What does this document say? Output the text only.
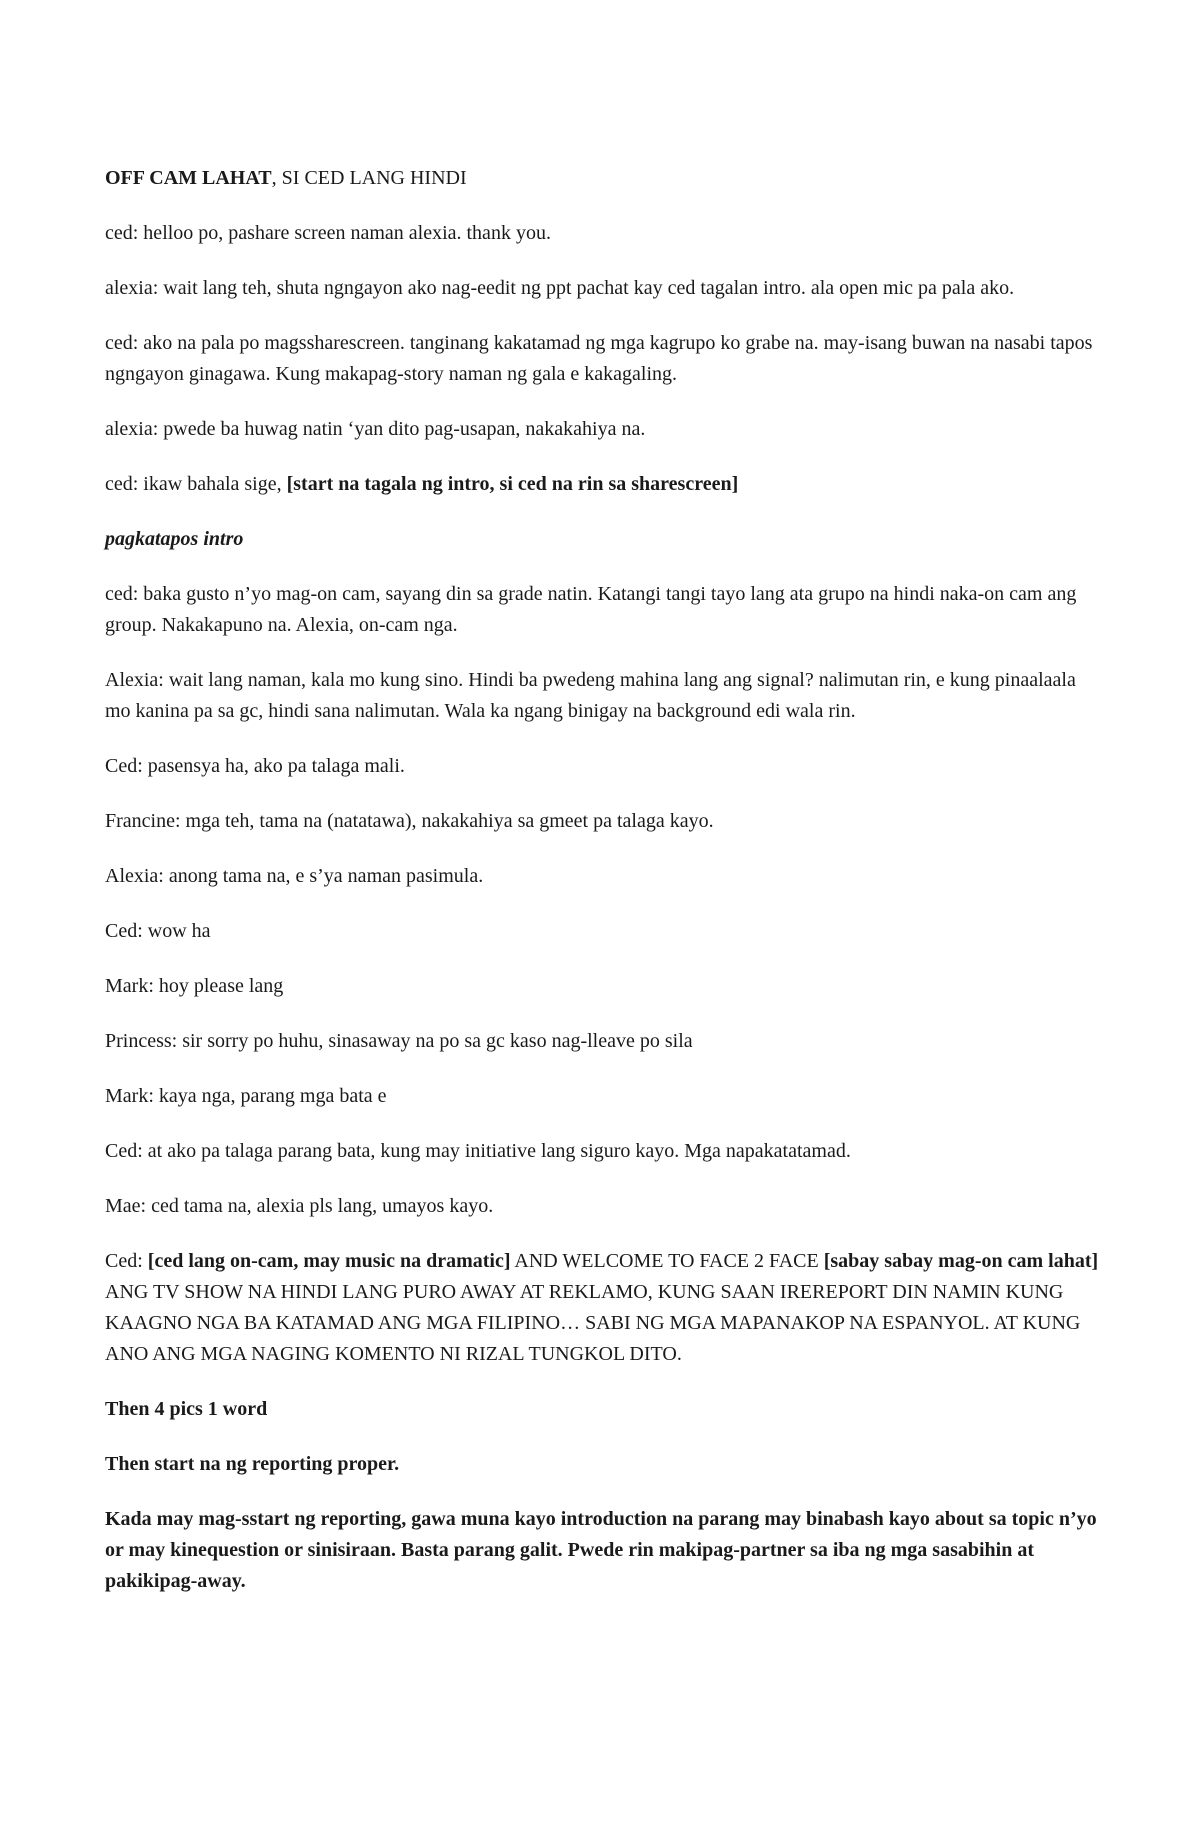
OFF CAM LAHAT, SI CED LANG HINDI

ced: helloo po, pashare screen naman alexia. thank you.

alexia: wait lang teh, shuta ngngayon ako nag-eedit ng ppt pachat kay ced tagalan intro. ala open mic pa pala ako.

ced: ako na pala po magssharescreen. tanginang kakatamad ng mga kagrupo ko grabe na. may-isang buwan na nasabi tapos ngngayon ginagawa. Kung makapag-story naman ng gala e kakagaling.

alexia: pwede ba huwag natin ‘yan dito pag-usapan, nakakahiya na.

ced: ikaw bahala sige, [start na tagala ng intro, si ced na rin sa sharescreen]

pagkatapos intro

ced: baka gusto n’yo mag-on cam, sayang din sa grade natin. Katangi tangi tayo lang ata grupo na hindi naka-on cam ang group. Nakakapuno na. Alexia, on-cam nga.

Alexia: wait lang naman, kala mo kung sino. Hindi ba pwedeng mahina lang ang signal? nalimutan rin, e kung pinaalaala mo kanina pa sa gc, hindi sana nalimutan. Wala ka ngang binigay na background edi wala rin.

Ced: pasensya ha, ako pa talaga mali.

Francine: mga teh, tama na (natatawa), nakakahiya sa gmeet pa talaga kayo.

Alexia: anong tama na, e s’ya naman pasimula.

Ced: wow ha

Mark: hoy please lang

Princess: sir sorry po huhu, sinasaway na po sa gc kaso nag-lleave po sila

Mark: kaya nga, parang mga bata e

Ced: at ako pa talaga parang bata, kung may initiative lang siguro kayo. Mga napakatatamad.

Mae: ced tama na, alexia pls lang, umayos kayo.

Ced: [ced lang on-cam, may music na dramatic] AND WELCOME TO FACE 2 FACE [sabay sabay mag-on cam lahat] ANG TV SHOW NA HINDI LANG PURO AWAY AT REKLAMO, KUNG SAAN IREREPORT DIN NAMIN KUNG KAAGNO NGA BA KATAMAD ANG MGA FILIPINO… SABI NG MGA MAPANAKOP NA ESPANYOL. AT KUNG ANO ANG MGA NAGING KOMENTO NI RIZAL TUNGKOL DITO.

Then 4 pics 1 word

Then start na ng reporting proper.

Kada may mag-sstart ng reporting, gawa muna kayo introduction na parang may binabash kayo about sa topic n’yo or may kinequestion or sinisiraan. Basta parang galit. Pwede rin makipag-partner sa iba ng mga sasabihin at pakikipag-away.
